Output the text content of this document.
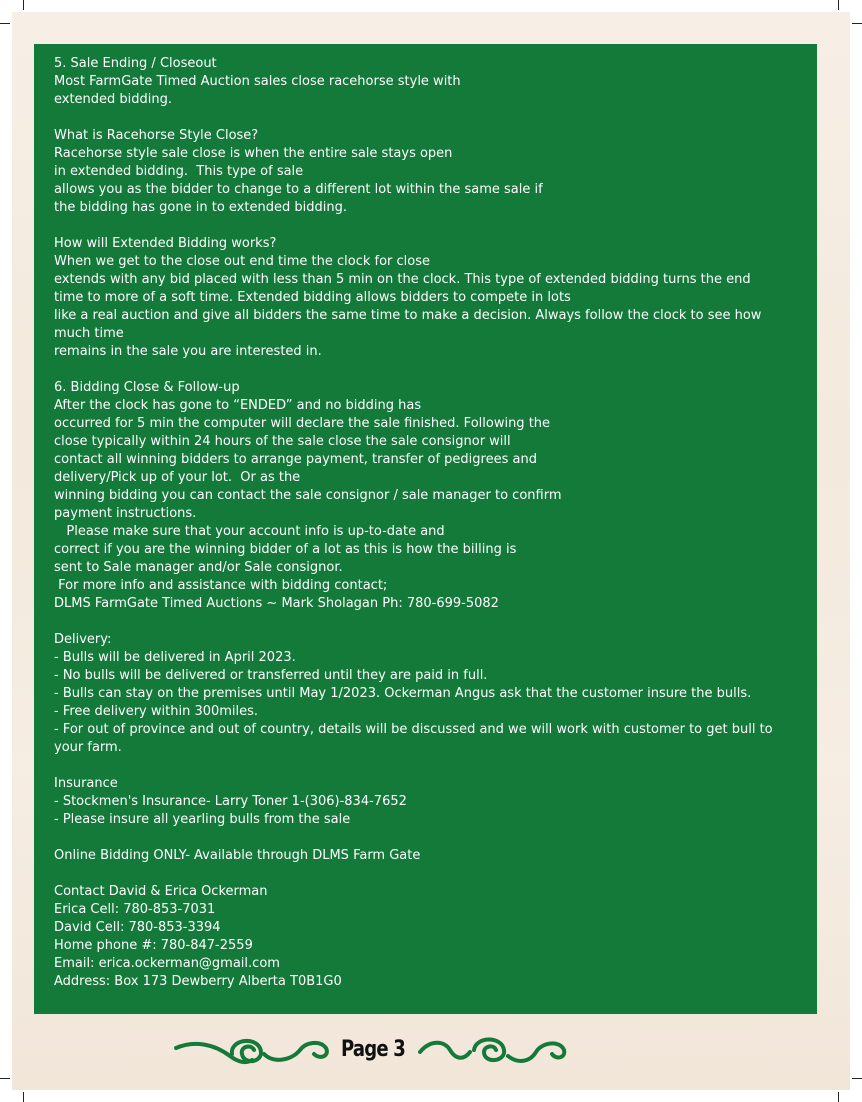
5. Sale Ending / Closeout
Most FarmGate Timed Auction sales close racehorse style with
extended bidding.
What is Racehorse Style Close?
Racehorse style sale close is when the entire sale stays open
in extended bidding.  This type of sale
allows you as the bidder to change to a different lot within the same sale if
the bidding has gone in to extended bidding.
How will Extended Bidding works?
When we get to the close out end time the clock for close
extends with any bid placed with less than 5 min on the clock. This type of extended bidding turns the end
time to more of a soft time. Extended bidding allows bidders to compete in lots
like a real auction and give all bidders the same time to make a decision. Always follow the clock to see how much time
remains in the sale you are interested in.
6. Bidding Close & Follow-up
After the clock has gone to “ENDED” and no bidding has
occurred for 5 min the computer will declare the sale finished. Following the
close typically within 24 hours of the sale close the sale consignor will
contact all winning bidders to arrange payment, transfer of pedigrees and
delivery/Pick up of your lot.  Or as the
winning bidding you can contact the sale consignor / sale manager to confirm
payment instructions.
Please make sure that your account info is up-to-date and
correct if you are the winning bidder of a lot as this is how the billing is
sent to Sale manager and/or Sale consignor.
For more info and assistance with bidding contact;
DLMS FarmGate Timed Auctions ~ Mark Sholagan Ph: 780-699-5082
Delivery:
- Bulls will be delivered in April 2023.
- No bulls will be delivered or transferred until they are paid in full.
- Bulls can stay on the premises until May 1/2023. Ockerman Angus ask that the customer insure the bulls.
- Free delivery within 300miles.
- For out of province and out of country, details will be discussed and we will work with customer to get bull to your farm.
Insurance
- Stockmen's Insurance- Larry Toner 1-(306)-834-7652
- Please insure all yearling bulls from the sale
Online Bidding ONLY- Available through DLMS Farm Gate
Contact David & Erica Ockerman
Erica Cell: 780-853-7031
David Cell: 780-853-3394
Home phone #: 780-847-2559
Email: erica.ockerman@gmail.com
Address: Box 173 Dewberry Alberta T0B1G0
Page 3
